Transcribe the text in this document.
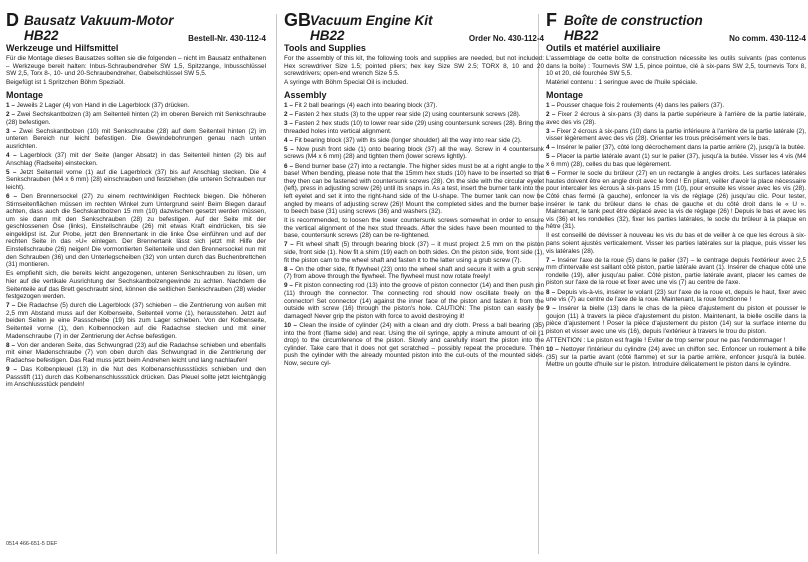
D Bausatz Vakuum-Motor
HB22	Bestell-Nr. 430-112-4
Werkzeuge und Hilfsmittel

Für die Montage dieses Bausatzes sollten sie die folgenden – nicht im Bausatz enthaltenen – Werkzeuge bereit halten: Inbus-Schraubendreher SW 1,5, Spitzzange, Inbusschlüssel SW 2,5, Torx 8-, 10- und 20-Schraubendreher, Gabelschlüssel SW 5,5.

Beigefügt ist 1 Spritzchen Böhm Speziaöl.

Montage

1 – Jeweils 2 Lager (4) von Hand in die Lagerblock (37) drücken.

2 – Zwei Sechskantbolzen (3) am Seitenteil hinten (2) im oberen Bereich mit Senkschraube (28) befestigen.

3 – Zwei Sechskantbolzen (10) mit Senkschraube (28) auf dem Seitenteil hinten (2) im unteren Bereich nur leicht befestigen. Die Gewindebohrungen genau nach unten ausrichten.

4 – Lagerblock (37) mit der Seite (langer Absatz) in das Seitenteil hinten (2) bis auf Anschlag (Radseite) einstecken.

5 – Jetzt Seitenteil vorne (1) auf die Lagerblock (37) bis auf Anschlag stecken. Die 4 Senkschrauben (M4 x 6 mm) (28) einschrauben und festziehen (die unteren Schrauben nur leicht).

6 – Den Brennersockel (27) zu einem rechtwinkligen Rechteck biegen. Die höheren Stirnseitenflächen müssen im rechten Winkel zum Untergrund sein! Beim Biegen darauf achten, dass auch die Sechskantbolzen 15 mm (10) dazwischen gesetzt werden müssen, um sie dann mit den Senkschrauben (28) zu befestigen. Auf der Seite mit der geschlossenen Öse (links), Einstellschraube (26) mit etwas Kraft eindrücken, bis sie eingeklipst ist. Zur Probe, jetzt den Brennertank in die linke Öse einführen und auf der rechten Seite in das »U« einlegen. Der Brennertank lässt sich jetzt mit Hilfe der Einstellschraube (26) neigen! Die vormontierten Seitenteile und den Brennersockel nun mit den Schrauben (36) und den Unterlegscheiben (32) von unten durch das Buchenbrettchen (31) montieren.

Es empfiehlt sich, die bereits leicht angezogenen, unteren Senkschrauben zu lösen, um hier auf die vertikale Ausrichtung der Sechskantbolzengewinde zu achten. Nachdem die Seitenteile auf das Brett geschraubt sind, können die seitlichen Senkschrauben (28) wieder festgezogen werden.

7 – Die Radachse (5) durch die Lagerblock (37) schieben – die Zentrierung von außen mit 2,5 mm Abstand muss auf der Kolbenseite, Seitenteil vorne (1), herausstehen. Jetzt auf beiden Seiten je eine Passscheibe (19) bis zum Lager schieben. Von der Kolbenseite, Seitenteil vorne (1), den Kolbennocken auf die Radachse stecken und mit einer Madenschraube (7) in der Zentrierung der Achse befestigen.

8 – Von der anderen Seite, das Schwungrad (23) auf die Radachse schieben und ebenfalls mit einer Madenschraube (7) von oben durch das Schwungrad in die Zentrierung der Radachse befestigen. Das Rad muss jetzt beim Andrehen leicht und lang nachlaufen!

9 – Das Kolbenpleuel (13) in die Nut des Kolbenanschlussstücks schieben und den Passstift (11) durch das Kolbenanschlussstück drücken. Das Pleuel sollte jetzt leichtgängig im Anschlussstück pendeln!

GB Vacuum Engine Kit
HB22	Order No. 430-112-4
Tools and Supplies

For the assembly of this kit, the following tools and supplies are needed, but not included: Hex screwdriver Size 1.5; pointed pliers; hex key Size SW 2.5; TORX 8, 10 and 20 screwdrivers; open-end wrench Size 5.5.

A syringe with Böhm Special Oil is included.

Assembly

1 – Fit 2 ball bearings (4) each into bearing block (37).

2 – Fasten 2 hex studs (3) to the upper rear side (2) using countersunk screws (28).

3 – Fasten 2 hex studs (10) to lower rear side (29) using countersunk screws (28). Bring the threaded holes into vertical alignment.

4 – Fit bearing block (37) with its side (longer shoulder) all the way into rear side (2).

5 – Now push front side (1) onto bearing block (37) all the way. Screw in 4 countersunk screws (M4 x 6 mm) (28) and tighten them (lower screws lightly).

6 – Bend burner base (27) into a rectangle. The higher sides must be at a right angle to the base! When bending, please note that the 15mm hex studs (10) have to be inserted so that they then can be fastened with countersunk screws (28). On the side with the circular eyelet (left), press in adjusting screw (26) until its snaps in. As a test, insert the burner tank into the left eyelet and set it into the right-hand side of the U-shape. The burner tank can now be angled by means of adjusting screw (26)! Mount the completed sides and the burner base to beech base (31) using screws (36) and washers (32).

It is recommended, to loosen the lower countersunk screws somewhat in order to ensure the vertical alignment of the hex stud threads. After the sides have been mounted to the base, countersunk screws (28) can be re-tightened.

7 – Fit wheel shaft (5) through bearing block (37) – it must project 2.5 mm on the piston side, front side (1). Now fit a shim (19) each on both sides. On the piston side, front side (1), fit the piston cam to the wheel shaft and fasten it to the latter using a grub screw (7).

8 – On the other side, fit flywheel (23) onto the wheel shaft and secure it with a grub screw (7) from above through the flywheel. The flywheel must now rotate freely!

9 – Fit piston connecting rod (13) into the groove of piston connector (14) and then push pin (11) through the connector. The connecting rod should now oscillate freely on the connector! Set connector (14) against the inner face of the piston and fasten it from the outside with screw (16) through the piston's hole. CAUTION: The piston can easily be damaged! Never grip the piston with force to avoid destroying it!

10 – Clean the inside of cylinder (24) with a clean and dry cloth. Press a ball bearing (35) into the front (flame side) and rear. Using the oil syringe, apply a minute amount of oil (1 drop) to the circumference of the piston. Slowly and carefully insert the piston into the cylinder. Take care that it does not get scratched – possibly repeat the procedure. Then push the cylinder with the already mounted piston into the cut-outs of the mounted sides. Now, secure cyl-

F Boîte de construction
HB22	No comm. 430-112-4
Outils et matériel auxiliaire

L'assemblage de cette boîte de construction nécessite les outils suivants (pas contenus dans la boîte) : Tournevis SW 1,5, pince pointue, clé à six-pans SW 2,5, tournevis Torx 8, 10 et 20, clé fourchée SW 5,5.

Matériel contenu : 1 seringue avec de l'huile spéciale.

Montage

1 – Pousser chaque fois 2 roulements (4) dans les paliers (37).

2 – Fixer 2 écrous à six-pans (3) dans la partie supérieure à l'arrière de la partie latérale, avec des vis (28).

3 – Fixer 2 écrous à six-pans (10) dans la partie inférieure à l'arrière de la partie latérale (2), visser légèrement avec des vis (28). Orienter les trous précisément vers le bas.

4 – Insérer le palier (37), côté long décrochement dans la partie arrière (2), jusqu'à la butée.

5 – Placer la partie latérale avant (1) sur le palier (37), jusqu'à la butée. Visser les 4 vis (M4 x 6 mm) (28), celles du bas que légèrement.

6 – Former le socle du brûleur (27) en un rectangle à angles droits. Les surfaces latérales hautes doivent être en angle droit avec le fond ! En pliant, veiller d'avoir la place nécessaire pour intercaler les écrous à six-pans 15 mm (10), pour ensuite les visser avec les vis (28). Côté chas fermé (à gauche), enfoncer la vis de réglage (26) jusqu'au clic. Pour tester, insérer le tank du brûleur dans le chas de gauche et du côté droit dans le « U ». Maintenant, le tank peut être déplacé avec la vis de réglage (26) ! Depuis le bas et avec les vis (36) et les rondelles (32), fixer les parties latérales, le socle du brûleur à la plaque en hêtre (31).

Il est conseillé de dévisser à nouveau les vis du bas et de veiller à ce que les écrous à six-pans soient ajustés verticalement. Visser les parties latérales sur la plaque, puis visser les vis latérales (28).

7 – Insérer l'axe de la roue (5) dans le palier (37) – le centrage depuis l'extérieur avec 2,5 mm d'intervalle est saillant côté piston, partie latérale avant (1). Insérer de chaque côté une rondelle (19), aller jusqu'au palier. Côté piston, partie latérale avant, placer les cames de piston sur l'axe de la roue et fixer avec une vis (7) au centre de l'axe.

8 – Depuis vis-à-vis, insérer le volant (23) sur l'axe de la roue et, depuis le haut, fixer avec une vis (7) au centre de l'axe de la roue. Maintenant, la roue fonctionne !

9 – Insérer la bielle (13) dans le chas de la pièce d'ajustement du piston et pousser le goujon (11) à travers la pièce d'ajustement du piston. Maintenant, la bielle oscille dans la pièce d'ajustement ! Poser la pièce d'ajustement du piston (14) sur la surface interne du piston et visser avec une vis (16), depuis l'extérieur à travers le trou du piston.

ATTENTION : Le piston est fragile ! Eviter de trop serrer pour ne pas l'endommager !

10 – Nettoyer l'intérieur du cylindre (24) avec un chiffon sec. Enfoncer un roulement à bille (35) sur la partie avant (côté flamme) et sur la partie arrière, enfoncer jusqu'à la butée. Mettre un goutte d'huile sur le piston. Introduire délicatement le piston dans le cylindre.

0514 466-651-5 DEF
